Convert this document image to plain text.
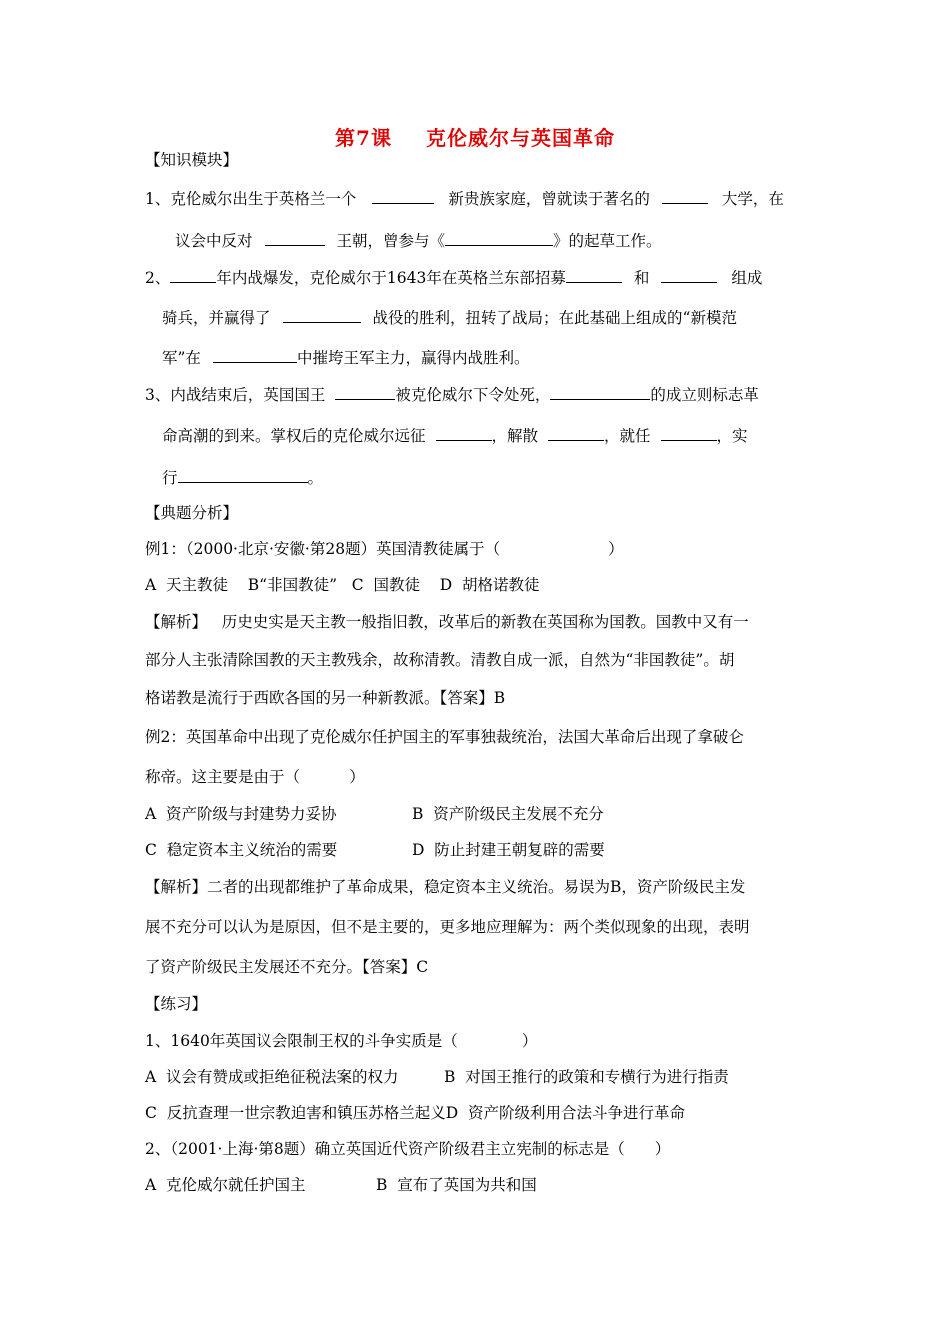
第7课 克伦威尔与英国革命
【知识模块】
1、克伦威尔出生于英格兰一个	新贵族家庭，曾就读于著名的	大学，在
议会中反对	王朝，曾参与《	》的起草工作。
2、	年内战爆发，克伦威尔于1643年在英格兰东部招募	和	组成
骑兵，并赢得了	战役的胜利，扭转了战局；在此基础上组成的“新模范
军”在	中摧垮王军主力，赢得内战胜利。
3、内战结束后，英国国王	被克伦威尔下令处死，	的成立则标志革
命高潮的到来。掌权后的克伦威尔远征	，解散	，就任	，实
行	。
【典题分析】
例1：（2000·北京·安徽·第28题）英国清教徒属于（	）
A  天主教徒    B“非国教徒”   C  国教徒    D  胡格诺教徒
【解析】   历史史实是天主教一般指旧教，改革后的新教在英国称为国教。国教中又有一
部分人主张清除国教的天主教残余，故称清教。清教自成一派，自然为“非国教徒”。胡
格诺教是流行于西欧各国的另一种新教派。【答案】B
例2：英国革命中出现了克伦威尔任护国主的军事独裁统治，法国大革命后出现了拿破仑
称帝。这主要是由于（          ）
A  资产阶级与封建势力妥协	B  资产阶级民主发展不充分
C  稳定资本主义统治的需要	D  防止封建王朝复辟的需要
【解析】二者的出现都维护了革命成果，稳定资本主义统治。易误为B，资产阶级民主发
展不充分可以认为是原因，但不是主要的，更多地应理解为：两个类似现象的出现，表明
了资产阶级民主发展还不充分。【答案】C
【练习】
1、1640年英国议会限制王权的斗争实质是（	）
A  议会有赞成或拒绝征税法案的权力	B  对国王推行的政策和专横行为进行指责
C  反抗查理一世宗教迫害和镇压苏格兰起义D  资产阶级利用合法斗争进行革命
2、（2001·上海·第8题）确立英国近代资产阶级君主立宪制的标志是（ ）
A  克伦威尔就任护国主	B  宣布了英国为共和国
